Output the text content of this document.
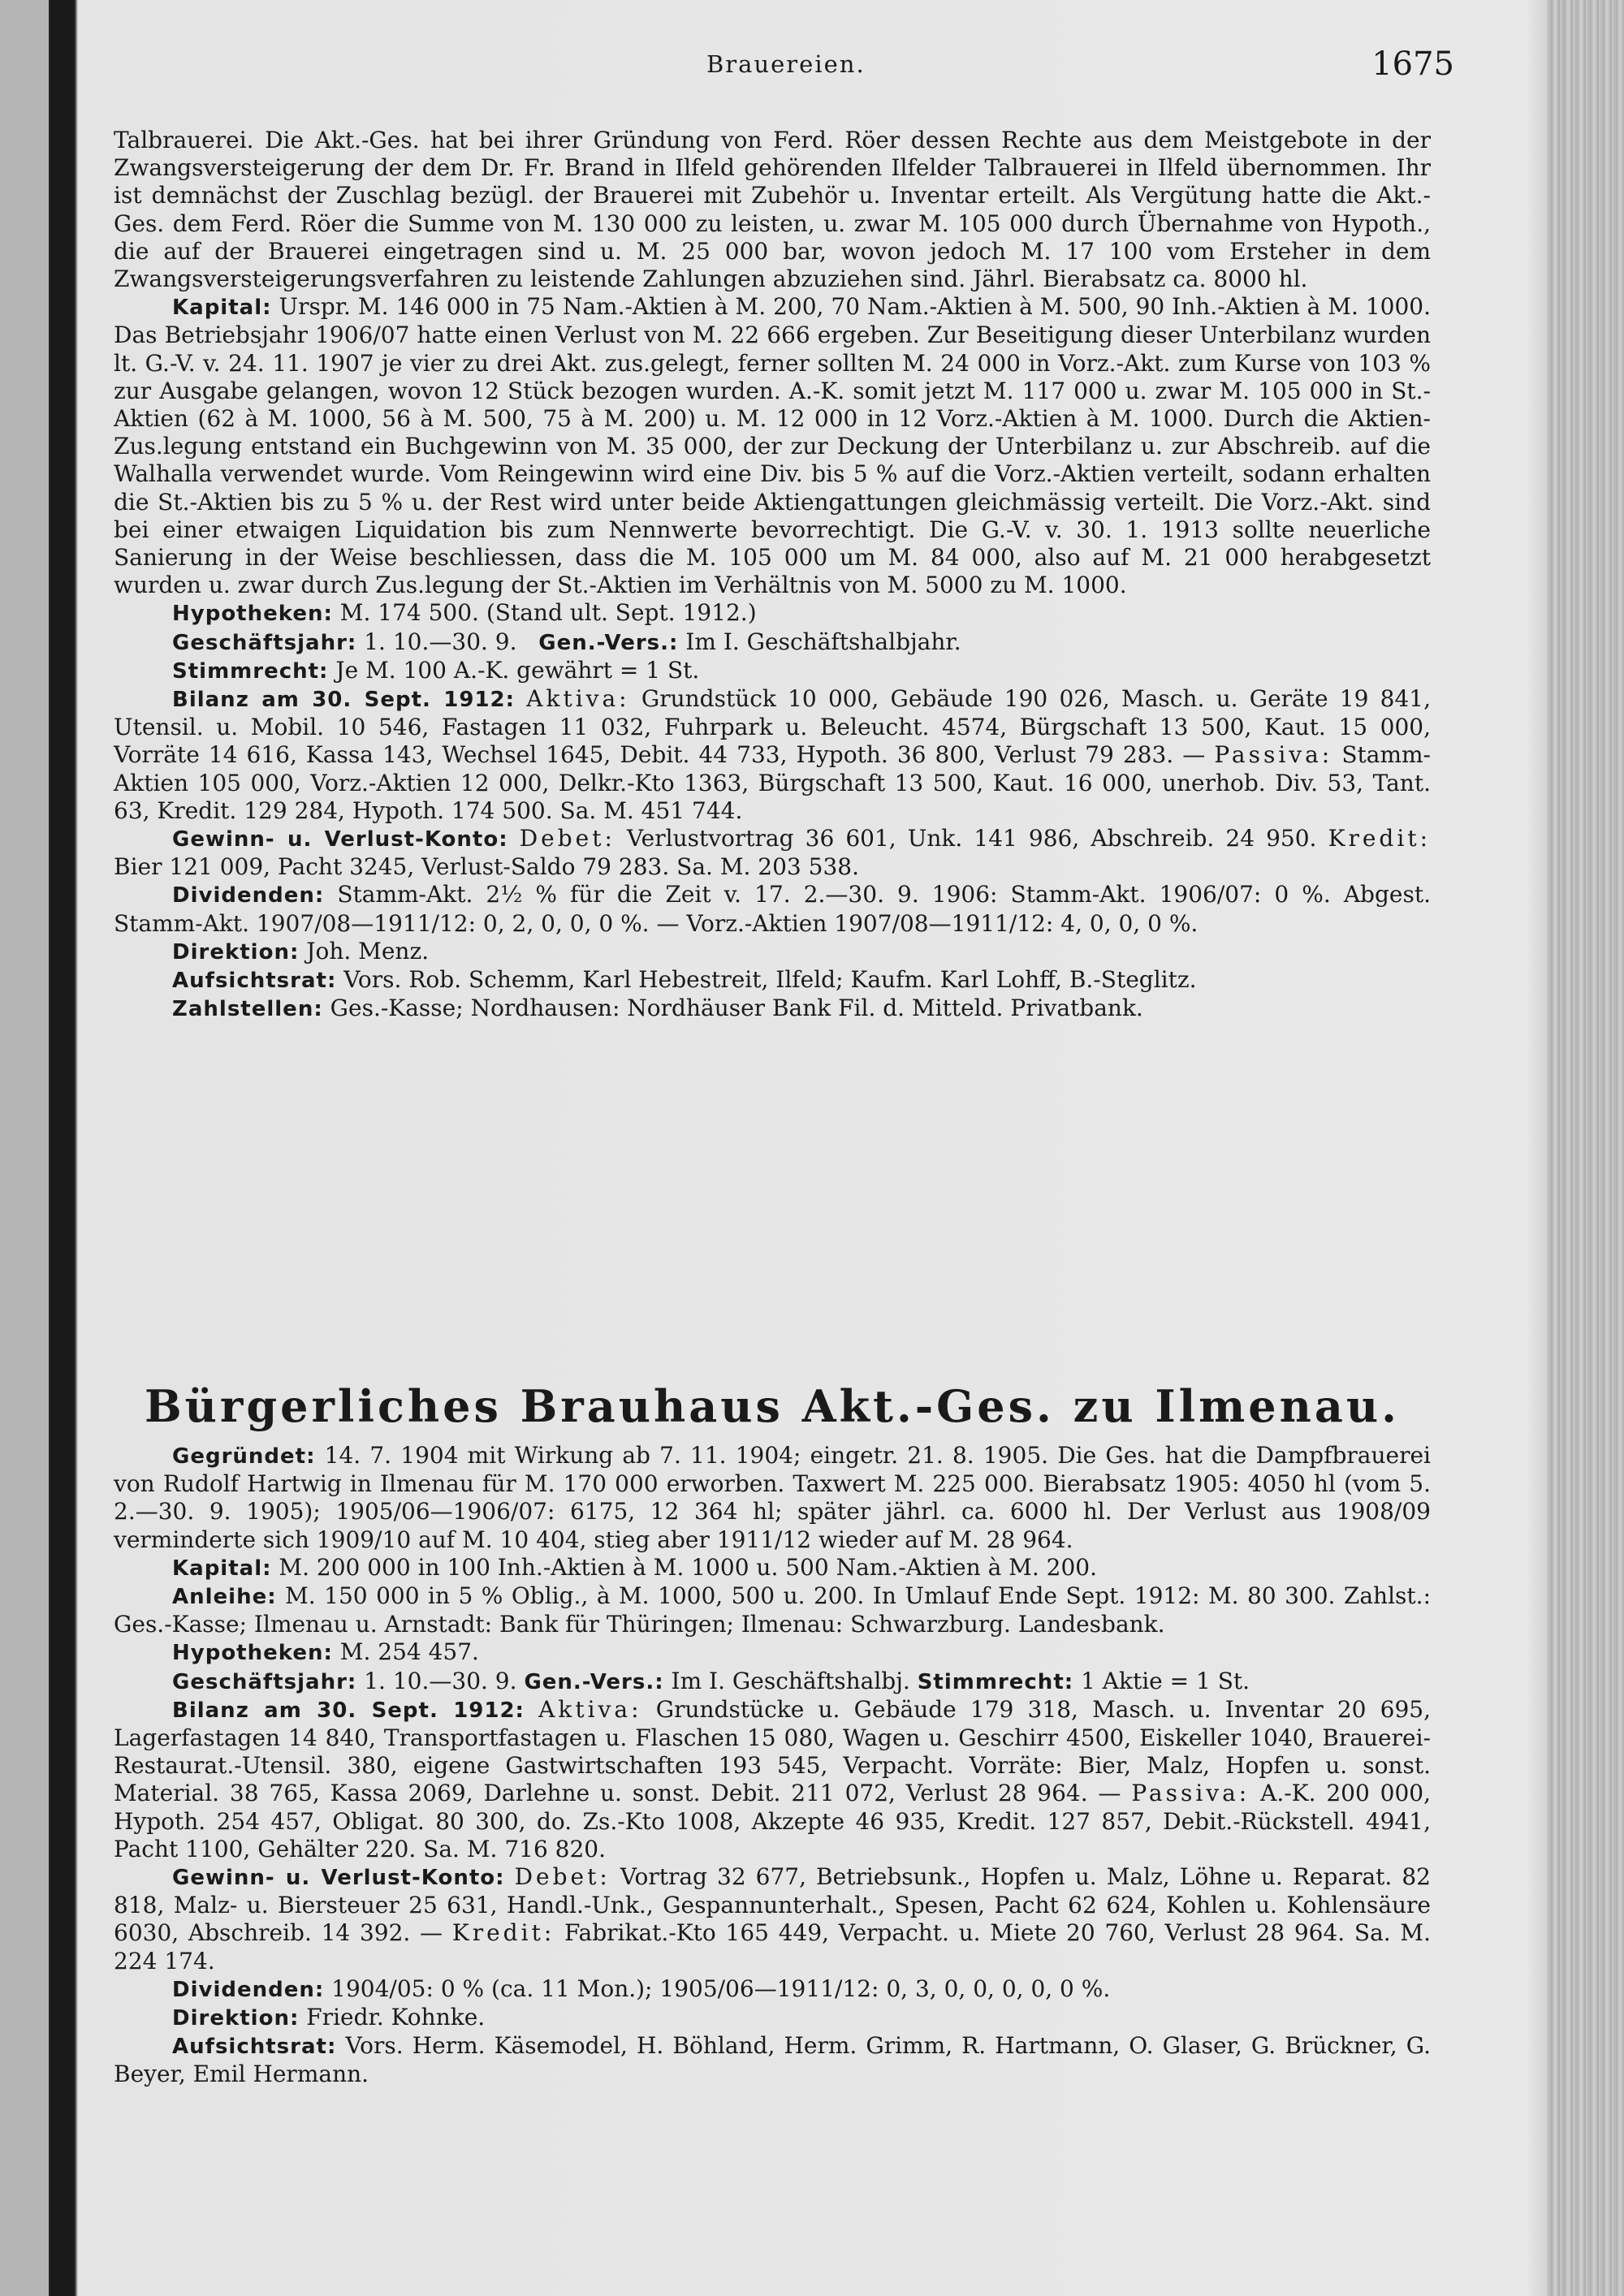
Brauereien.	1675

Talbrauerei. Die Akt.-Ges. hat bei ihrer Gründung von Ferd. Röer dessen Rechte aus dem Meistgebote in der Zwangsversteigerung der dem Dr. Fr. Brand in Ilfeld gehörenden Ilfelder Talbrauerei in Ilfeld übernommen. Ihr ist demnächst der Zuschlag bezügl. der Brauerei mit Zubehör u. Inventar erteilt. Als Vergütung hatte die Akt.-Ges. dem Ferd. Röer die Summe von M. 130 000 zu leisten, u. zwar M. 105 000 durch Übernahme von Hypoth., die auf der Brauerei eingetragen sind u. M. 25 000 bar, wovon jedoch M. 17 100 vom Ersteher in dem Zwangsversteigerungsverfahren zu leistende Zahlungen abzuziehen sind. Jährl. Bierabsatz ca. 8000 hl.

Kapital: Urspr. M. 146 000 in 75 Nam.-Aktien à M. 200, 70 Nam.-Aktien à M. 500, 90 Inh.-Aktien à M. 1000. Das Betriebsjahr 1906/07 hatte einen Verlust von M. 22 666 ergeben. Zur Beseitigung dieser Unterbilanz wurden lt. G.-V. v. 24. 11. 1907 je vier zu drei Akt. zus.gelegt, ferner sollten M. 24 000 in Vorz.-Akt. zum Kurse von 103 % zur Ausgabe gelangen, wovon 12 Stück bezogen wurden. A.-K. somit jetzt M. 117 000 u. zwar M. 105 000 in St.-Aktien (62 à M. 1000, 56 à M. 500, 75 à M. 200) u. M. 12 000 in 12 Vorz.-Aktien à M. 1000. Durch die Aktien-Zus.legung entstand ein Buchgewinn von M. 35 000, der zur Deckung der Unterbilanz u. zur Abschreib. auf die Walhalla verwendet wurde. Vom Reingewinn wird eine Div. bis 5 % auf die Vorz.-Aktien verteilt, sodann erhalten die St.-Aktien bis zu 5 % u. der Rest wird unter beide Aktiengattungen gleichmässig verteilt. Die Vorz.-Akt. sind bei einer etwaigen Liquidation bis zum Nennwerte bevorrechtigt. Die G.-V. v. 30. 1. 1913 sollte neuerliche Sanierung in der Weise beschliessen, dass die M. 105 000 um M. 84 000, also auf M. 21 000 herabgesetzt wurden u. zwar durch Zus.legung der St.-Aktien im Verhältnis von M. 5000 zu M. 1000.

Hypotheken: M. 174 500. (Stand ult. Sept. 1912.)

Geschäftsjahr: 1. 10.—30. 9. Gen.-Vers.: Im I. Geschäftshalbjahr.

Stimmrecht: Je M. 100 A.-K. gewährt = 1 St.

Bilanz am 30. Sept. 1912: Aktiva: Grundstück 10 000, Gebäude 190 026, Masch. u. Geräte 19 841, Utensil. u. Mobil. 10 546, Fastagen 11 032, Fuhrpark u. Beleucht. 4574, Bürgschaft 13 500, Kaut. 15 000, Vorräte 14 616, Kassa 143, Wechsel 1645, Debit. 44 733, Hypoth. 36 800, Verlust 79 283. — Passiva: Stamm-Aktien 105 000, Vorz.-Aktien 12 000, Delkr.-Kto 1363, Bürgschaft 13 500, Kaut. 16 000, unerhob. Div. 53, Tant. 63, Kredit. 129 284, Hypoth. 174 500. Sa. M. 451 744.

Gewinn- u. Verlust-Konto: Debet: Verlustvortrag 36 601, Unk. 141 986, Abschreib. 24 950. Kredit: Bier 121 009, Pacht 3245, Verlust-Saldo 79 283. Sa. M. 203 538.

Dividenden: Stamm-Akt. 2½ % für die Zeit v. 17. 2.—30. 9. 1906: Stamm-Akt. 1906/07: 0 %. Abgest. Stamm-Akt. 1907/08—1911/12: 0, 2, 0, 0, 0 %. — Vorz.-Aktien 1907/08—1911/12: 4, 0, 0, 0 %.

Direktion: Joh. Menz.

Aufsichtsrat: Vors. Rob. Schemm, Karl Hebestreit, Ilfeld; Kaufm. Karl Lohff, B.-Steglitz.

Zahlstellen: Ges.-Kasse; Nordhausen: Nordhäuser Bank Fil. d. Mitteld. Privatbank.

Bürgerliches Brauhaus Akt.-Ges. zu Ilmenau.

Gegründet: 14. 7. 1904 mit Wirkung ab 7. 11. 1904; eingetr. 21. 8. 1905. Die Ges. hat die Dampfbrauerei von Rudolf Hartwig in Ilmenau für M. 170 000 erworben. Taxwert M. 225 000. Bierabsatz 1905: 4050 hl (vom 5. 2.—30. 9. 1905); 1905/06—1906/07: 6175, 12 364 hl; später jährl. ca. 6000 hl. Der Verlust aus 1908/09 verminderte sich 1909/10 auf M. 10 404, stieg aber 1911/12 wieder auf M. 28 964.

Kapital: M. 200 000 in 100 Inh.-Aktien à M. 1000 u. 500 Nam.-Aktien à M. 200.

Anleihe: M. 150 000 in 5 % Oblig., à M. 1000, 500 u. 200. In Umlauf Ende Sept. 1912: M. 80 300. Zahlst.: Ges.-Kasse; Ilmenau u. Arnstadt: Bank für Thüringen; Ilmenau: Schwarzburg. Landesbank.

Hypotheken: M. 254 457.

Geschäftsjahr: 1. 10.—30. 9. Gen.-Vers.: Im I. Geschäftshalbj. Stimmrecht: 1 Aktie = 1 St.

Bilanz am 30. Sept. 1912: Aktiva: Grundstücke u. Gebäude 179 318, Masch. u. Inventar 20 695, Lagerfastagen 14 840, Transportfastagen u. Flaschen 15 080, Wagen u. Geschirr 4500, Eiskeller 1040, Brauerei-Restaurat.-Utensil. 380, eigene Gastwirtschaften 193 545, Verpacht. Vorräte: Bier, Malz, Hopfen u. sonst. Material. 38 765, Kassa 2069, Darlehne u. sonst. Debit. 211 072, Verlust 28 964. — Passiva: A.-K. 200 000, Hypoth. 254 457, Obligat. 80 300, do. Zs.-Kto 1008, Akzepte 46 935, Kredit. 127 857, Debit.-Rückstell. 4941, Pacht 1100, Gehälter 220. Sa. M. 716 820.

Gewinn- u. Verlust-Konto: Debet: Vortrag 32 677, Betriebsunk., Hopfen u. Malz, Löhne u. Reparat. 82 818, Malz- u. Biersteuer 25 631, Handl.-Unk., Gespannunterhalt., Spesen, Pacht 62 624, Kohlen u. Kohlensäure 6030, Abschreib. 14 392. — Kredit: Fabrikat.-Kto 165 449, Verpacht. u. Miete 20 760, Verlust 28 964. Sa. M. 224 174.

Dividenden: 1904/05: 0 % (ca. 11 Mon.); 1905/06—1911/12: 0, 3, 0, 0, 0, 0, 0 %.

Direktion: Friedr. Kohnke.

Aufsichtsrat: Vors. Herm. Käsemodel, H. Böhland, Herm. Grimm, R. Hartmann, O. Glaser, G. Brückner, G. Beyer, Emil Hermann.
